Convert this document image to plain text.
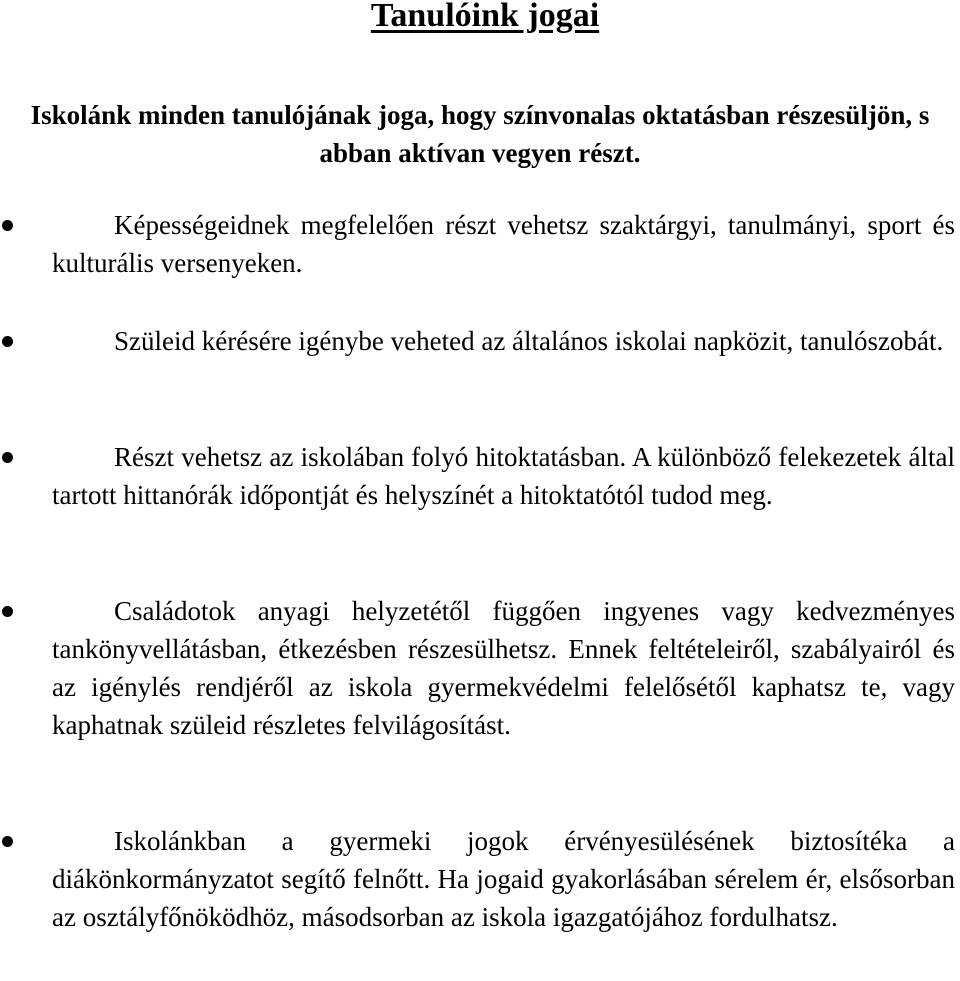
Tanulóink jogai

Iskolánk minden tanulójának joga, hogy színvonalas oktatásban részesüljön, s abban aktívan vegyen részt.

Képességeidnek megfelelően részt vehetsz szaktárgyi, tanulmányi, sport és kulturális versenyeken.
Szüleid kérésére igénybe veheted az általános iskolai napközit, tanulószobát.
Részt vehetsz az iskolában folyó hitoktatásban. A különböző felekezetek által tartott hittanórák időpontját és helyszínét a hitoktatótól tudod meg.
Családotok anyagi helyzetétől függően ingyenes vagy kedvezményes tankönyvellátásban, étkezésben részesülhetsz. Ennek feltételeiről, szabályairól és az igénylés rendjéről az iskola gyermekvédelmi felelősétől kaphatsz te, vagy kaphatnak szüleid részletes felvilágosítást.
Iskolánkban a gyermeki jogok érvényesülésének biztosítéka a diákönkormányzatot segítő felnőtt. Ha jogaid gyakorlásában sérelem ér, elsősorban az osztályfőnöködhöz, másodsorban az iskola igazgatójához fordulhatsz.
